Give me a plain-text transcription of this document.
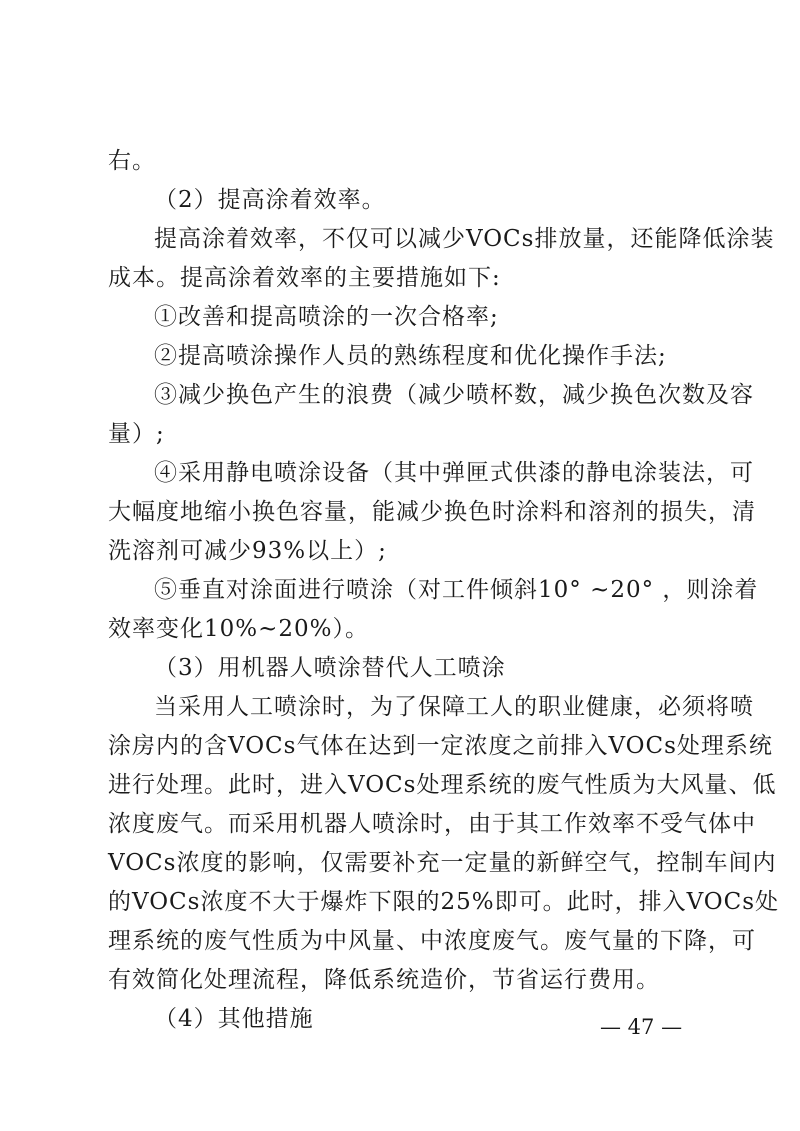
右。
（2）提高涂着效率。
提高涂着效率，不仅可以减少VOCs排放量，还能降低涂装
成本。提高涂着效率的主要措施如下:
①改善和提高喷涂的一次合格率;
②提高喷涂操作人员的熟练程度和优化操作手法;
③减少换色产生的浪费（减少喷杯数，减少换色次数及容
量）;
④采用静电喷涂设备（其中弹匣式供漆的静电涂装法，可
大幅度地缩小换色容量，能减少换色时涂料和溶剂的损失，清
洗溶剂可减少93%以上）;
⑤垂直对涂面进行喷涂（对工件倾斜10° ~20° ，则涂着
效率变化10%~20%）。
（3）用机器人喷涂替代人工喷涂
当采用人工喷涂时，为了保障工人的职业健康，必须将喷
涂房内的含VOCs气体在达到一定浓度之前排入VOCs处理系统
进行处理。此时，进入VOCs处理系统的废气性质为大风量、低
浓度废气。而采用机器人喷涂时，由于其工作效率不受气体中
VOCs浓度的影响，仅需要补充一定量的新鲜空气，控制车间内
的VOCs浓度不大于爆炸下限的25%即可。此时，排入VOCs处
理系统的废气性质为中风量、中浓度废气。废气量的下降，可
有效简化处理流程，降低系统造价，节省运行费用。
（4）其他措施	— 47 —
